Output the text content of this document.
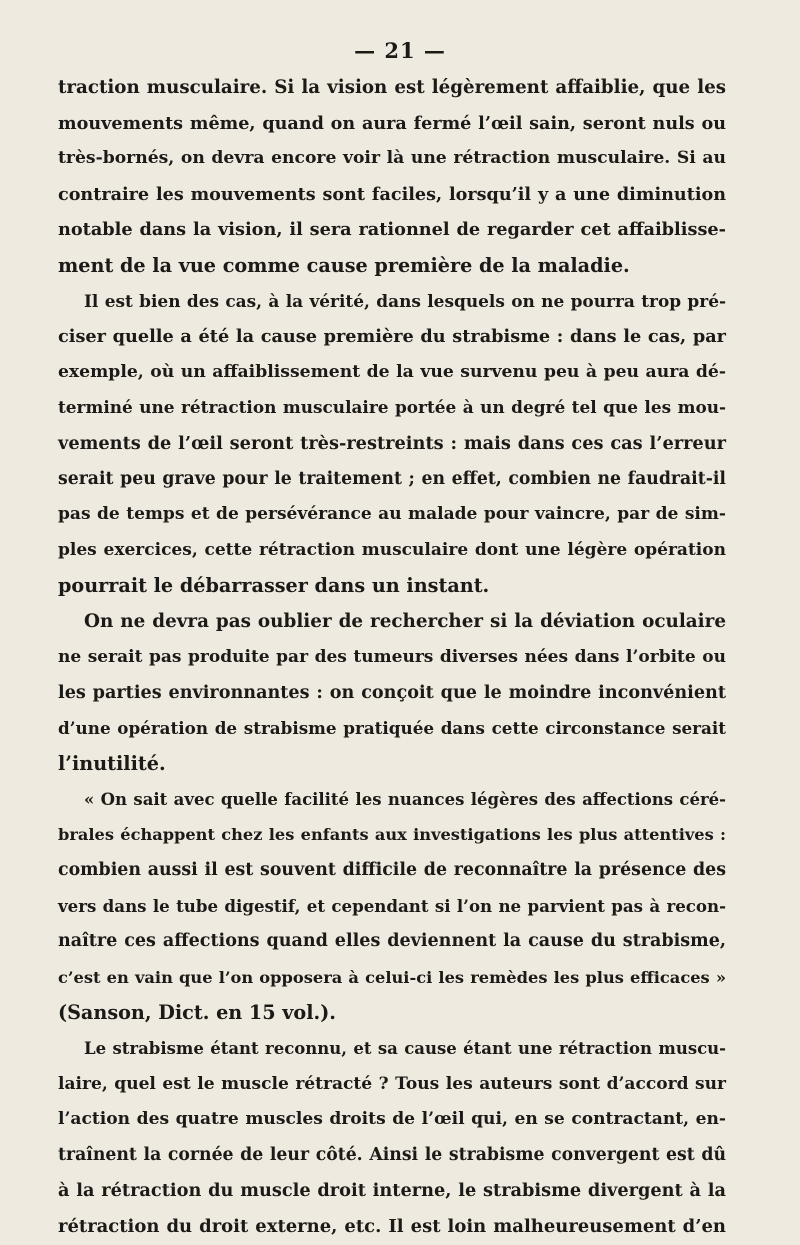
— 21 —
traction musculaire. Si la vision est légèrement affaiblie, que les
mouvements même, quand on aura fermé l’œil sain, seront nuls ou
très-bornés, on devra encore voir là une rétraction musculaire. Si au
contraire les mouvements sont faciles, lorsqu’il y a une diminution
notable dans la vision, il sera rationnel de regarder cet affaiblisse-
ment de la vue comme cause première de la maladie.
Il est bien des cas, à la vérité, dans lesquels on ne pourra trop pré-
ciser quelle a été la cause première du strabisme : dans le cas, par
exemple, où un affaiblissement de la vue survenu peu à peu aura dé-
terminé une rétraction musculaire portée à un degré tel que les mou-
vements de l’œil seront très-restreints : mais dans ces cas l’erreur
serait peu grave pour le traitement ; en effet, combien ne faudrait-il
pas de temps et de persévérance au malade pour vaincre, par de sim-
ples exercices, cette rétraction musculaire dont une légère opération
pourrait le débarrasser dans un instant.
On ne devra pas oublier de rechercher si la déviation oculaire
ne serait pas produite par des tumeurs diverses nées dans l’orbite ou
les parties environnantes : on conçoit que le moindre inconvénient
d’une opération de strabisme pratiquée dans cette circonstance serait
l’inutilité.
« On sait avec quelle facilité les nuances légères des affections céré-
brales échappent chez les enfants aux investigations les plus attentives :
combien aussi il est souvent difficile de reconnaître la présence des
vers dans le tube digestif, et cependant si l’on ne parvient pas à recon-
naître ces affections quand elles deviennent la cause du strabisme,
c’est en vain que l’on opposera à celui-ci les remèdes les plus efficaces »
(Sanson, Dict. en 15 vol.).
Le strabisme étant reconnu, et sa cause étant une rétraction muscu-
laire, quel est le muscle rétracté ? Tous les auteurs sont d’accord sur
l’action des quatre muscles droits de l’œil qui, en se contractant, en-
traînent la cornée de leur côté. Ainsi le strabisme convergent est dû
à la rétraction du muscle droit interne, le strabisme divergent à la
rétraction du droit externe, etc. Il est loin malheureusement d’en
